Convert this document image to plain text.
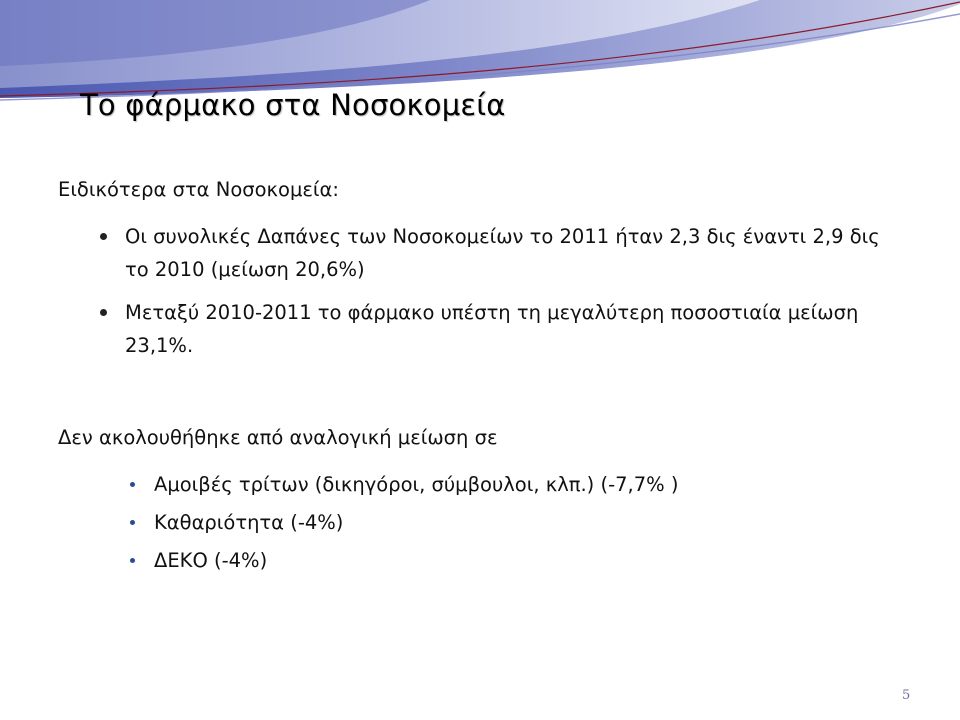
Το φάρμακο στα Νοσοκομεία
Ειδικότερα στα Νοσοκομεία:
Οι συνολικές Δαπάνες των Νοσοκομείων το 2011 ήταν 2,3 δις έναντι 2,9 δις το 2010 (μείωση 20,6%)
Μεταξύ 2010-2011 το φάρμακο υπέστη τη μεγαλύτερη ποσοστιαία μείωση 23,1%.
Δεν ακολουθήθηκε από αναλογική μείωση σε
Αμοιβές τρίτων (δικηγόροι, σύμβουλοι, κλπ.) (-7,7% )
Καθαριότητα (-4%)
ΔΕΚΟ (-4%)
5
